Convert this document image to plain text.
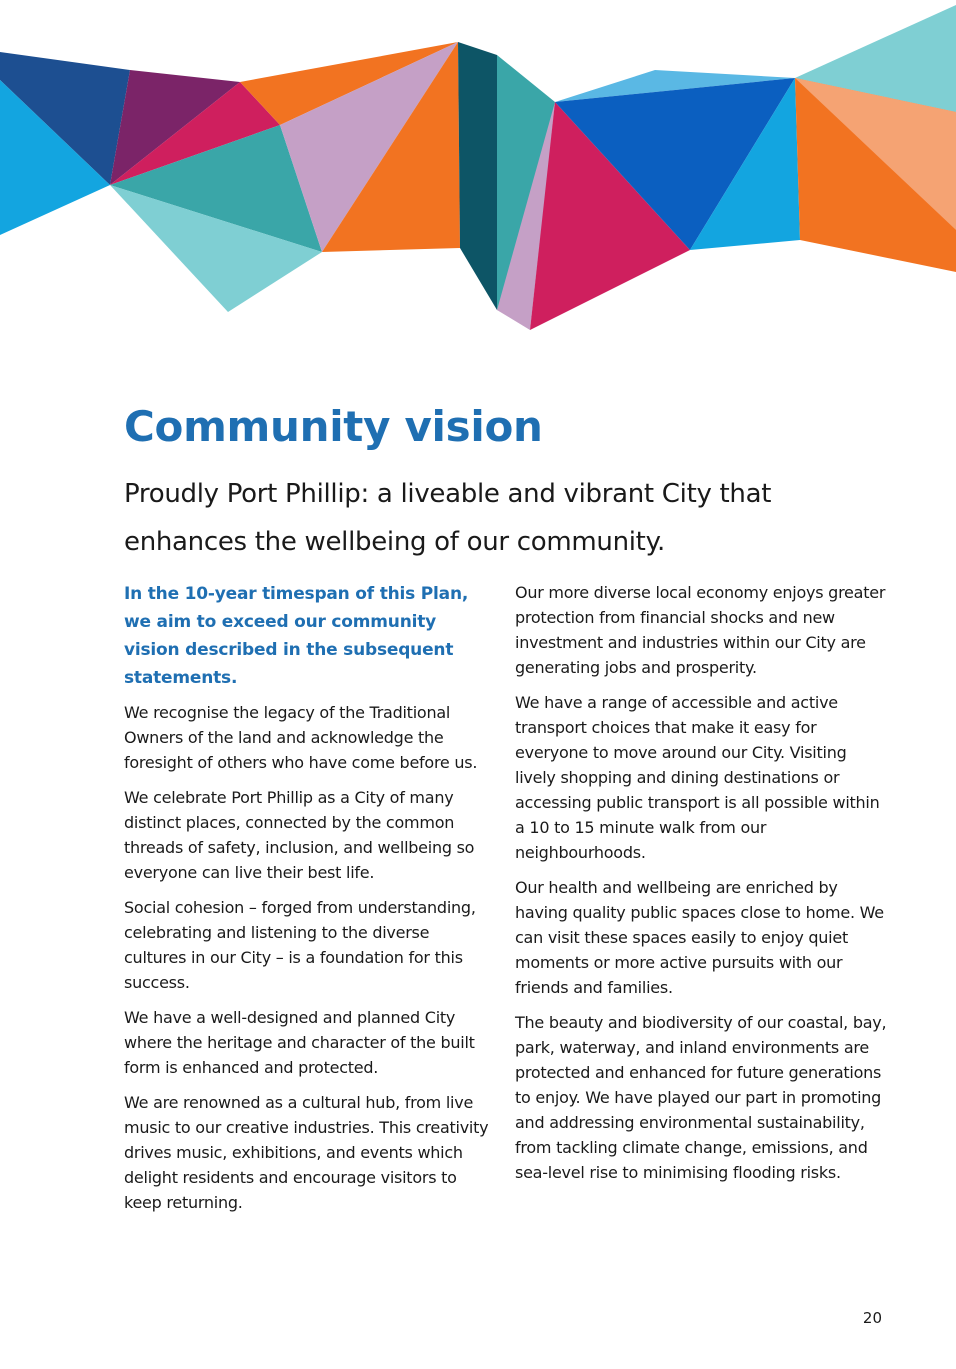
Community vision
Proudly Port Phillip: a liveable and vibrant City that enhances the wellbeing of our community.

In the 10-year timespan of this Plan, we aim to exceed our community vision described in the subsequent statements.

We recognise the legacy of the Traditional Owners of the land and acknowledge the foresight of others who have come before us.

We celebrate Port Phillip as a City of many distinct places, connected by the common threads of safety, inclusion, and wellbeing so everyone can live their best life.

Social cohesion – forged from understanding, celebrating and listening to the diverse cultures in our City – is a foundation for this success.

We have a well-designed and planned City where the heritage and character of the built form is enhanced and protected.

We are renowned as a cultural hub, from live music to our creative industries. This creativity drives music, exhibitions, and events which delight residents and encourage visitors to keep returning.

Our more diverse local economy enjoys greater protection from financial shocks and new investment and industries within our City are generating jobs and prosperity.

We have a range of accessible and active transport choices that make it easy for everyone to move around our City. Visiting lively shopping and dining destinations or accessing public transport is all possible within a 10 to 15 minute walk from our neighbourhoods.

Our health and wellbeing are enriched by having quality public spaces close to home. We can visit these spaces easily to enjoy quiet moments or more active pursuits with our friends and families.

The beauty and biodiversity of our coastal, bay, park, waterway, and inland environments are protected and enhanced for future generations to enjoy. We have played our part in promoting and addressing environmental sustainability, from tackling climate change, emissions, and sea-level rise to minimising flooding risks.

20
